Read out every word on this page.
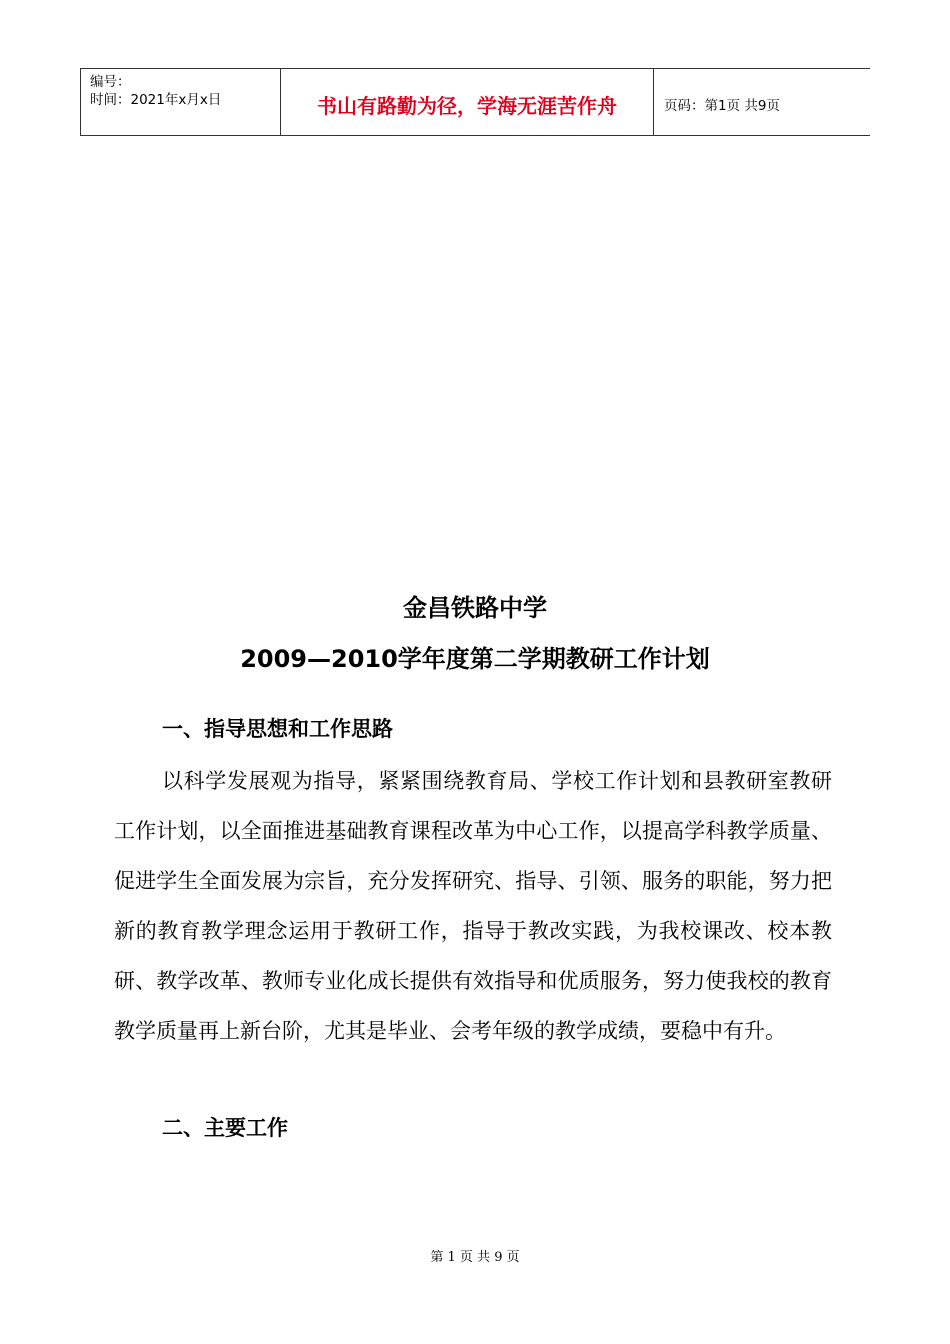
编号：
时间：2021年x月x日	书山有路勤为径，学海无涯苦作舟	页码：第1页 共9页
金昌铁路中学
2009—2010学年度第二学期教研工作计划
一、指导思想和工作思路

以科学发展观为指导，紧紧围绕教育局、学校工作计划和县教研室教研工作计划，以全面推进基础教育课程改革为中心工作，以提高学科教学质量、促进学生全面发展为宗旨，充分发挥研究、指导、引领、服务的职能，努力把新的教育教学理念运用于教研工作，指导于教改实践，为我校课改、校本教研、教学改革、教师专业化成长提供有效指导和优质服务，努力使我校的教育教学质量再上新台阶，尤其是毕业、会考年级的教学成绩，要稳中有升。

二、主要工作
第 1 页 共 9 页
